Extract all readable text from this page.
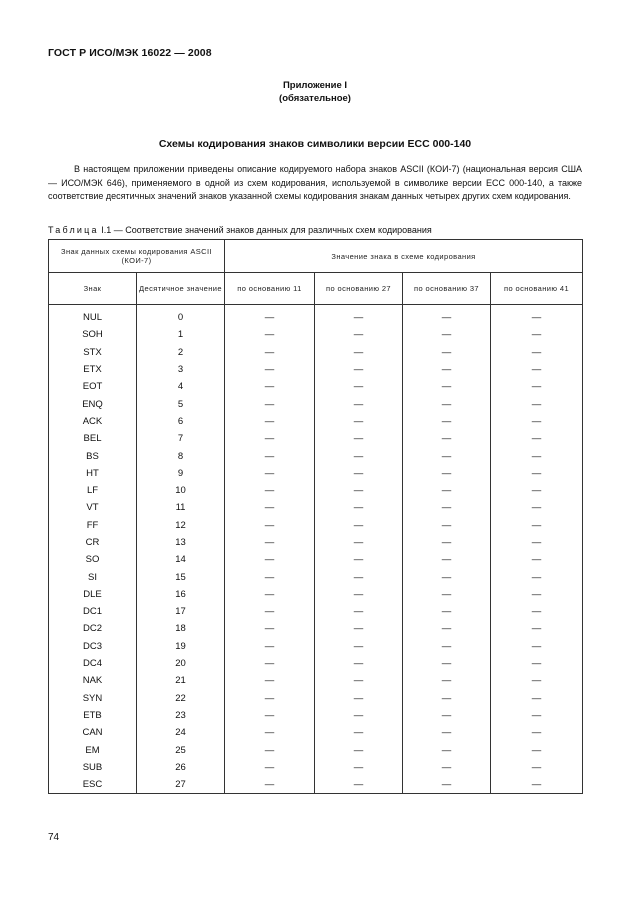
ГОСТ Р ИСО/МЭК 16022 — 2008
Приложение I
(обязательное)
Схемы кодирования знаков символики версии ЕСС 000-140
В настоящем приложении приведены описание кодируемого набора знаков ASCII (КОИ-7) (национальная версия США — ИСО/МЭК 646), применяемого в одной из схем кодирования, используемой в символике версии ЕСС 000-140, а также соответствие десятичных значений знаков указанной схемы кодирования знакам данных четырех других схем кодирования.
Таблица I.1 — Соответствие значений знаков данных для различных схем кодирования
Знак данных схемы кодирования ASCII (КОИ-7)		Значение знака в схеме кодирования			
Знак	Десятичное значение	по основанию 11	по основанию 27	по основанию 37	по основанию 41

NUL	0	—	—	—	—
SOH	1	—	—	—	—
STX	2	—	—	—	—
ETX	3	—	—	—	—
EOT	4	—	—	—	—
ENQ	5	—	—	—	—
ACK	6	—	—	—	—
BEL	7	—	—	—	—
BS	8	—	—	—	—
HT	9	—	—	—	—
LF	10	—	—	—	—
VT	11	—	—	—	—
FF	12	—	—	—	—
CR	13	—	—	—	—
SO	14	—	—	—	—
SI	15	—	—	—	—
DLE	16	—	—	—	—
DC1	17	—	—	—	—
DC2	18	—	—	—	—
DC3	19	—	—	—	—
DC4	20	—	—	—	—
NAK	21	—	—	—	—
SYN	22	—	—	—	—
ETB	23	—	—	—	—
CAN	24	—	—	—	—
EM	25	—	—	—	—
SUB	26	—	—	—	—
ESC	27	—	—	—	—
74
